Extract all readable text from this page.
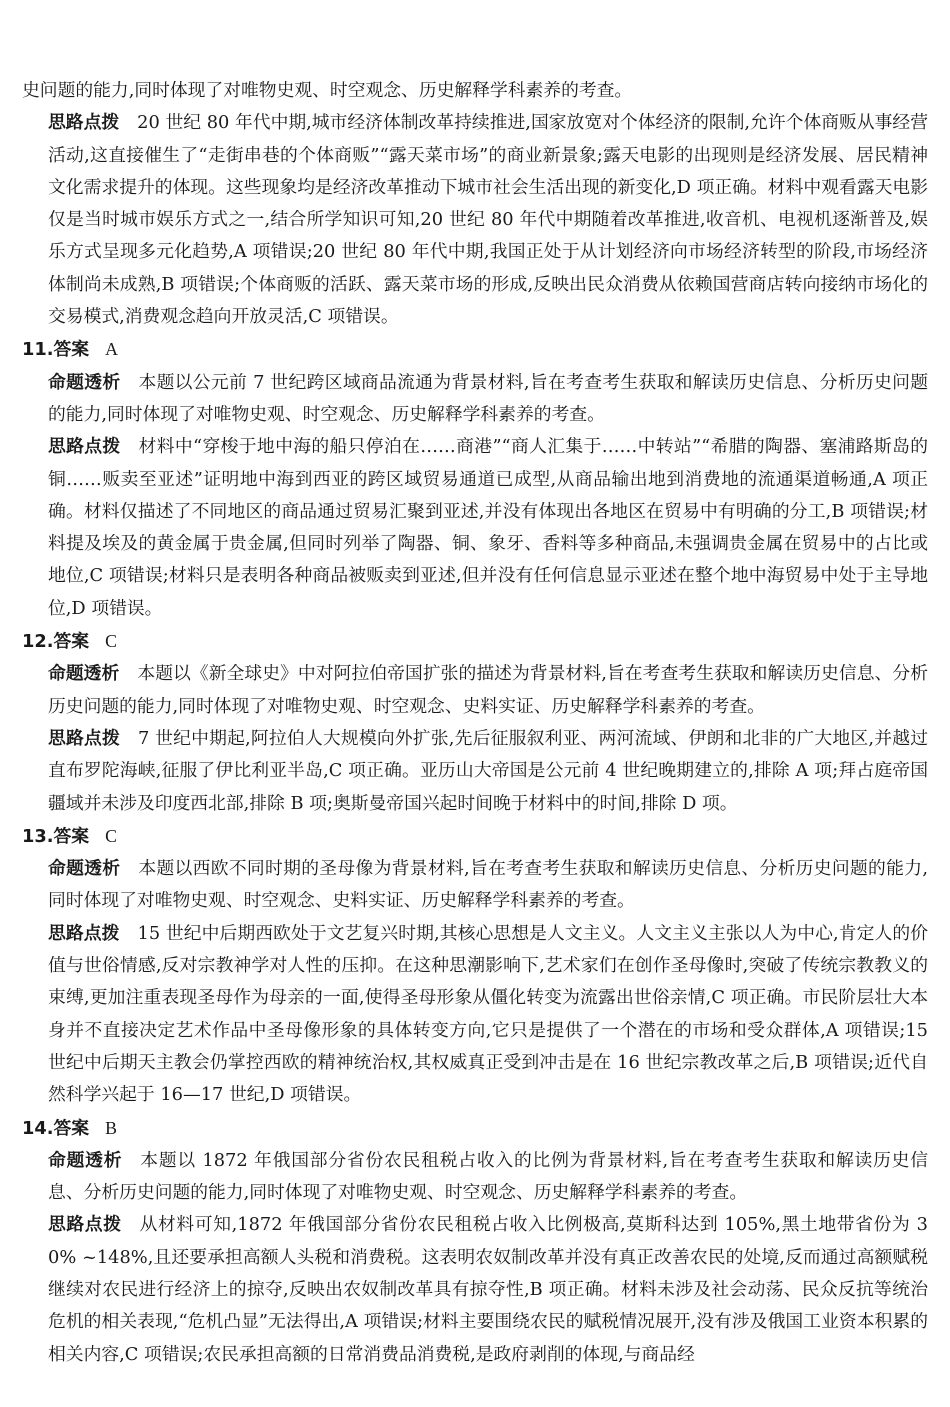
史问题的能力,同时体现了对唯物史观、时空观念、历史解释学科素养的考查。

思路点拨 20 世纪 80 年代中期,城市经济体制改革持续推进,国家放宽对个体经济的限制,允许个体商贩从事经营活动,这直接催生了“走街串巷的个体商贩”“露天菜市场”的商业新景象;露天电影的出现则是经济发展、居民精神文化需求提升的体现。这些现象均是经济改革推动下城市社会生活出现的新变化,D 项正确。材料中观看露天电影仅是当时城市娱乐方式之一,结合所学知识可知,20 世纪 80 年代中期随着改革推进,收音机、电视机逐渐普及,娱乐方式呈现多元化趋势,A 项错误;20 世纪 80 年代中期,我国正处于从计划经济向市场经济转型的阶段,市场经济体制尚未成熟,B 项错误;个体商贩的活跃、露天菜市场的形成,反映出民众消费从依赖国营商店转向接纳市场化的交易模式,消费观念趋向开放灵活,C 项错误。

11.答案 A

命题透析 本题以公元前 7 世纪跨区域商品流通为背景材料,旨在考查考生获取和解读历史信息、分析历史问题的能力,同时体现了对唯物史观、时空观念、历史解释学科素养的考查。

思路点拨 材料中“穿梭于地中海的船只停泊在……商港”“商人汇集于……中转站”“希腊的陶器、塞浦路斯岛的铜……贩卖至亚述”证明地中海到西亚的跨区域贸易通道已成型,从商品输出地到消费地的流通渠道畅通,A 项正确。材料仅描述了不同地区的商品通过贸易汇聚到亚述,并没有体现出各地区在贸易中有明确的分工,B 项错误;材料提及埃及的黄金属于贵金属,但同时列举了陶器、铜、象牙、香料等多种商品,未强调贵金属在贸易中的占比或地位,C 项错误;材料只是表明各种商品被贩卖到亚述,但并没有任何信息显示亚述在整个地中海贸易中处于主导地位,D 项错误。

12.答案 C

命题透析 本题以《新全球史》中对阿拉伯帝国扩张的描述为背景材料,旨在考查考生获取和解读历史信息、分析历史问题的能力,同时体现了对唯物史观、时空观念、史料实证、历史解释学科素养的考查。

思路点拨 7 世纪中期起,阿拉伯人大规模向外扩张,先后征服叙利亚、两河流域、伊朗和北非的广大地区,并越过直布罗陀海峡,征服了伊比利亚半岛,C 项正确。亚历山大帝国是公元前 4 世纪晚期建立的,排除 A 项;拜占庭帝国疆域并未涉及印度西北部,排除 B 项;奥斯曼帝国兴起时间晚于材料中的时间,排除 D 项。

13.答案 C

命题透析 本题以西欧不同时期的圣母像为背景材料,旨在考查考生获取和解读历史信息、分析历史问题的能力,同时体现了对唯物史观、时空观念、史料实证、历史解释学科素养的考查。

思路点拨 15 世纪中后期西欧处于文艺复兴时期,其核心思想是人文主义。人文主义主张以人为中心,肯定人的价值与世俗情感,反对宗教神学对人性的压抑。在这种思潮影响下,艺术家们在创作圣母像时,突破了传统宗教教义的束缚,更加注重表现圣母作为母亲的一面,使得圣母形象从僵化转变为流露出世俗亲情,C 项正确。市民阶层壮大本身并不直接决定艺术作品中圣母像形象的具体转变方向,它只是提供了一个潜在的市场和受众群体,A 项错误;15 世纪中后期天主教会仍掌控西欧的精神统治权,其权威真正受到冲击是在 16 世纪宗教改革之后,B 项错误;近代自然科学兴起于 16—17 世纪,D 项错误。

14.答案 B

命题透析 本题以 1872 年俄国部分省份农民租税占收入的比例为背景材料,旨在考查考生获取和解读历史信息、分析历史问题的能力,同时体现了对唯物史观、时空观念、历史解释学科素养的考查。

思路点拨 从材料可知,1872 年俄国部分省份农民租税占收入比例极高,莫斯科达到 105%,黑土地带省份为 30% ~148%,且还要承担高额人头税和消费税。这表明农奴制改革并没有真正改善农民的处境,反而通过高额赋税继续对农民进行经济上的掠夺,反映出农奴制改革具有掠夺性,B 项正确。材料未涉及社会动荡、民众反抗等统治危机的相关表现,“危机凸显”无法得出,A 项错误;材料主要围绕农民的赋税情况展开,没有涉及俄国工业资本积累的相关内容,C 项错误;农民承担高额的日常消费品消费税,是政府剥削的体现,与商品经
